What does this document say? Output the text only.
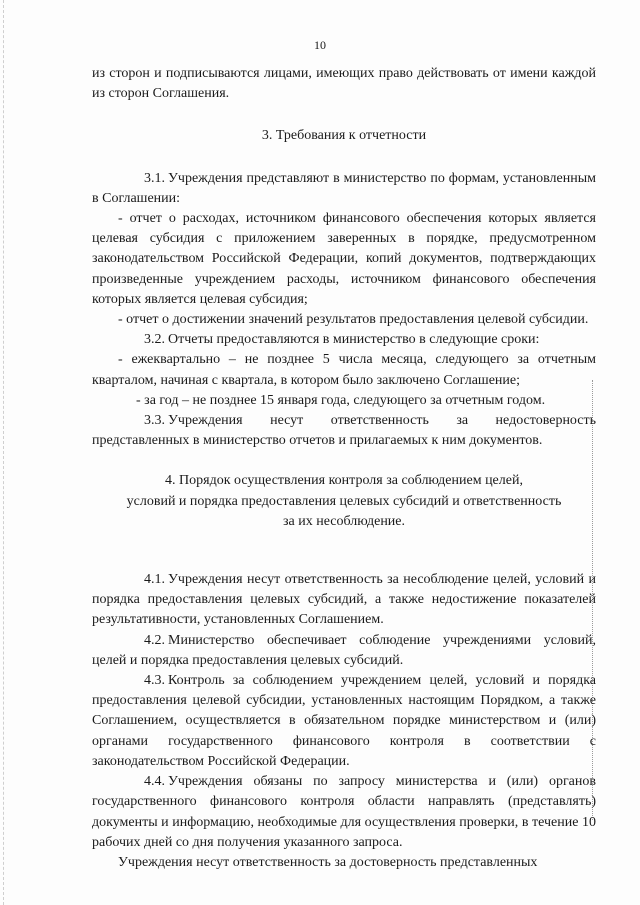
10

из сторон и подписываются лицами, имеющих право действовать от имени каждой из сторон Соглашения.

3. Требования к отчетности

3.1. Учреждения представляют в министерство по формам, установленным в Соглашении:

- отчет о расходах, источником финансового обеспечения которых является целевая субсидия с приложением заверенных в порядке, предусмотренном законодательством Российской Федерации, копий документов, подтверждающих произведенные учреждением расходы, источником финансового обеспечения которых является целевая субсидия;

- отчет о достижении значений результатов предоставления целевой субсидии.

3.2. Отчеты предоставляются в министерство в следующие сроки:

- ежеквартально – не позднее 5 числа месяца, следующего за отчетным кварталом, начиная с квартала, в котором было заключено Соглашение;

- за год – не позднее 15 января года, следующего за отчетным годом.

3.3. Учреждения несут ответственность за недостоверность представленных в министерство отчетов и прилагаемых к ним документов.

4. Порядок осуществления контроля за соблюдением целей,

условий и порядка предоставления целевых субсидий и ответственность

за их несоблюдение.

4.1. Учреждения несут ответственность за несоблюдение целей, условий и порядка предоставления целевых субсидий, а также недостижение показателей результативности, установленных Соглашением.

4.2. Министерство обеспечивает соблюдение учреждениями условий, целей и порядка предоставления целевых субсидий.

4.3. Контроль за соблюдением учреждением целей, условий и порядка предоставления целевой субсидии, установленных настоящим Порядком, а также Соглашением, осуществляется в обязательном порядке министерством и (или) органами государственного финансового контроля в соответствии с законодательством Российской Федерации.

4.4. Учреждения обязаны по запросу министерства и (или) органов государственного финансового контроля области направлять (представлять) документы и информацию, необходимые для осуществления проверки, в течение 10 рабочих дней со дня получения указанного запроса.

Учреждения несут ответственность за достоверность представленных
